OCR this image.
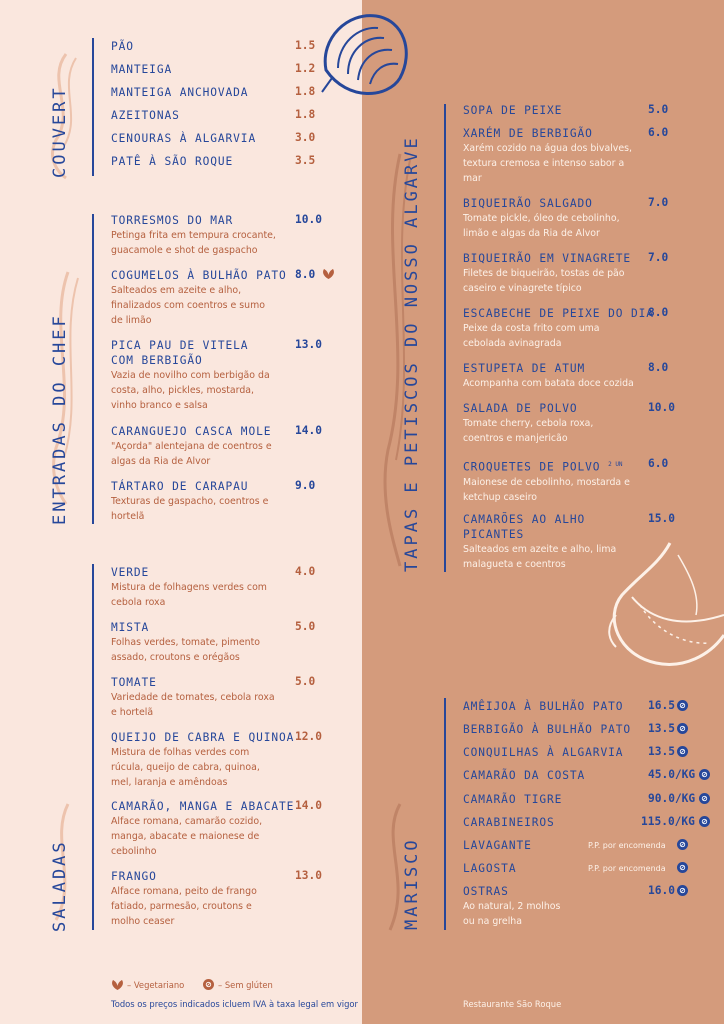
COUVERT
ENTRADAS DO CHEF
SALADAS
TAPAS E PETISCOS DO NOSSO ALGARVE
MARISCO
PÃO	1.5
MANTEIGA	1.2
MANTEIGA ANCHOVADA	1.8
AZEITONAS	1.8
CENOURAS À ALGARVIA	3.0
PATÊ À SÃO ROQUE	3.5
TORRESMOS DO MAR
Petinga frita em tempura crocante,
guacamole e shot de gaspacho
10.0
COGUMELOS À BULHÃO PATO
Salteados em azeite e alho,
finalizados com coentros e sumo
de limão
8.0
PICA PAU DE VITELA
COM BERBIGÃO
Vazia de novilho com berbigão da
costa, alho, pickles, mostarda,
vinho branco e salsa
13.0
CARANGUEJO CASCA MOLE
"Açorda" alentejana de coentros e
algas da Ria de Alvor
14.0
TÁRTARO DE CARAPAU
Texturas de gaspacho, coentros e
hortelã
9.0
VERDE
Mistura de folhagens verdes com
cebola roxa
4.0
MISTA
Folhas verdes, tomate, pimento
assado, croutons e orégãos
5.0
TOMATE
Variedade de tomates, cebola roxa
e hortelã
5.0
QUEIJO DE CABRA E QUINOA
Mistura de folhas verdes com
rúcula, queijo de cabra, quinoa,
mel, laranja e amêndoas
12.0
CAMARÃO, MANGA E ABACATE
Alface romana, camarão cozido,
manga, abacate e maionese de
cebolinho
14.0
FRANGO
Alface romana, peito de frango
fatiado, parmesão, croutons e
molho ceaser
13.0
SOPA DE PEIXE	5.0
XARÉM DE BERBIGÃO
Xarém cozido na água dos bivalves,
textura cremosa e intenso sabor a
mar
6.0
BIQUEIRÃO SALGADO
Tomate pickle, óleo de cebolinho,
limão e algas da Ria de Alvor
7.0
BIQUEIRÃO EM VINAGRETE
Filetes de biqueirão, tostas de pão
caseiro e vinagrete típico
7.0
ESCABECHE DE PEIXE DO DIA
Peixe da costa frito com uma
cebolada avinagrada
8.0
ESTUPETA DE ATUM
Acompanha com batata doce cozida
8.0
SALADA DE POLVO
Tomate cherry, cebola roxa,
coentros e manjericão
10.0
CROQUETES DE POLVO $^{2 UN}$
Maionese de cebolinho, mostarda e
ketchup caseiro
6.0
CAMARÕES AO ALHO
PICANTES
Salteados em azeite e alho, lima
malagueta e coentros
15.0
AMÊIJOA À BULHÃO PATO 16.5 ⊘
BERBIGÃO À BULHÃO PATO 13.5 ⊘
CONQUILHAS À ALGARVIA 13.5 ⊘
CAMARÃO DA COSTA	45.0/KG ⊘
CAMARÃO TIGRE	90.0/KG ⊘
CARABINEIROS	115.0/KG ⊘
LAVAGANTE	P.P. por encomenda ⊘
LAGOSTA	P.P. por encomenda ⊘
OSTRAS
Ao natural, 2 molhos
ou na grelha
16.0 ⊘
– Vegetariano	⊘ – Sem glúten
Todos os preços indicados icluem IVA à taxa legal em vigor	Restaurante São Roque
